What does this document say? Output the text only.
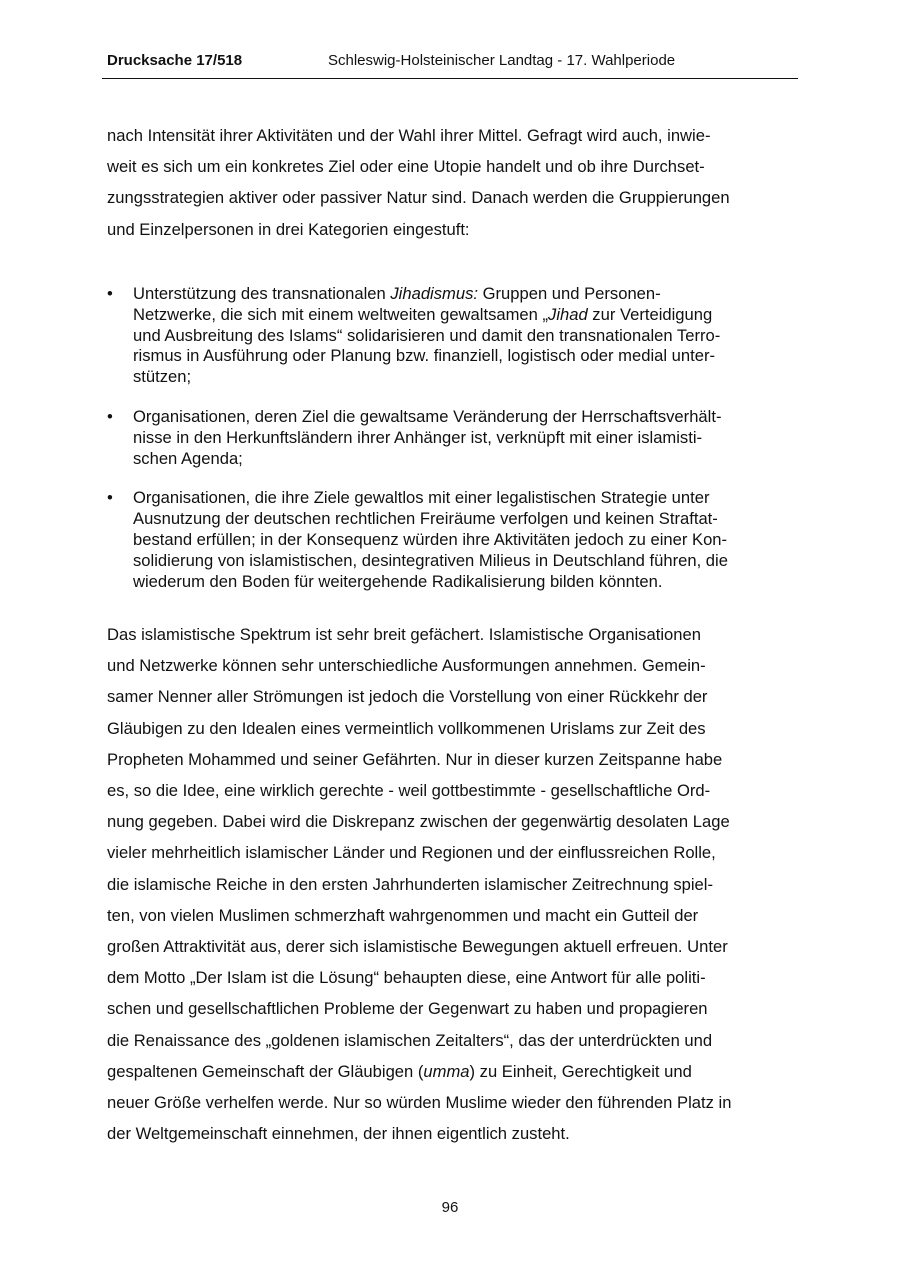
Drucksache 17/518	Schleswig-Holsteinischer Landtag - 17. Wahlperiode

nach Intensität ihrer Aktivitäten und der Wahl ihrer Mittel. Gefragt wird auch, inwie-
weit es sich um ein konkretes Ziel oder eine Utopie handelt und ob ihre Durchset-
zungsstrategien aktiver oder passiver Natur sind. Danach werden die Gruppierungen
und Einzelpersonen in drei Kategorien eingestuft:

• Unterstützung des transnationalen Jihadismus: Gruppen und Personen-
Netzwerke, die sich mit einem weltweiten gewaltsamen „Jihad zur Verteidigung
und Ausbreitung des Islams“ solidarisieren und damit den transnationalen Terro-
rismus in Ausführung oder Planung bzw. finanziell, logistisch oder medial unter-
stützen;
• Organisationen, deren Ziel die gewaltsame Veränderung der Herrschaftsverhält-
nisse in den Herkunftsländern ihrer Anhänger ist, verknüpft mit einer islamisti-
schen Agenda;
• Organisationen, die ihre Ziele gewaltlos mit einer legalistischen Strategie unter
Ausnutzung der deutschen rechtlichen Freiräume verfolgen und keinen Straftat-
bestand erfüllen; in der Konsequenz würden ihre Aktivitäten jedoch zu einer Kon-
solidierung von islamistischen, desintegrativen Milieus in Deutschland führen, die
wiederum den Boden für weitergehende Radikalisierung bilden könnten.

Das islamistische Spektrum ist sehr breit gefächert. Islamistische Organisationen
und Netzwerke können sehr unterschiedliche Ausformungen annehmen. Gemein-
samer Nenner aller Strömungen ist jedoch die Vorstellung von einer Rückkehr der
Gläubigen zu den Idealen eines vermeintlich vollkommenen Urislams zur Zeit des
Propheten Mohammed und seiner Gefährten. Nur in dieser kurzen Zeitspanne habe
es, so die Idee, eine wirklich gerechte - weil gottbestimmte - gesellschaftliche Ord-
nung gegeben. Dabei wird die Diskrepanz zwischen der gegenwärtig desolaten Lage
vieler mehrheitlich islamischer Länder und Regionen und der einflussreichen Rolle,
die islamische Reiche in den ersten Jahrhunderten islamischer Zeitrechnung spiel-
ten, von vielen Muslimen schmerzhaft wahrgenommen und macht ein Gutteil der
großen Attraktivität aus, derer sich islamistische Bewegungen aktuell erfreuen. Unter
dem Motto „Der Islam ist die Lösung“ behaupten diese, eine Antwort für alle politi-
schen und gesellschaftlichen Probleme der Gegenwart zu haben und propagieren
die Renaissance des „goldenen islamischen Zeitalters“, das der unterdrückten und
gespaltenen Gemeinschaft der Gläubigen (umma) zu Einheit, Gerechtigkeit und
neuer Größe verhelfen werde. Nur so würden Muslime wieder den führenden Platz in
der Weltgemeinschaft einnehmen, der ihnen eigentlich zusteht.

96
